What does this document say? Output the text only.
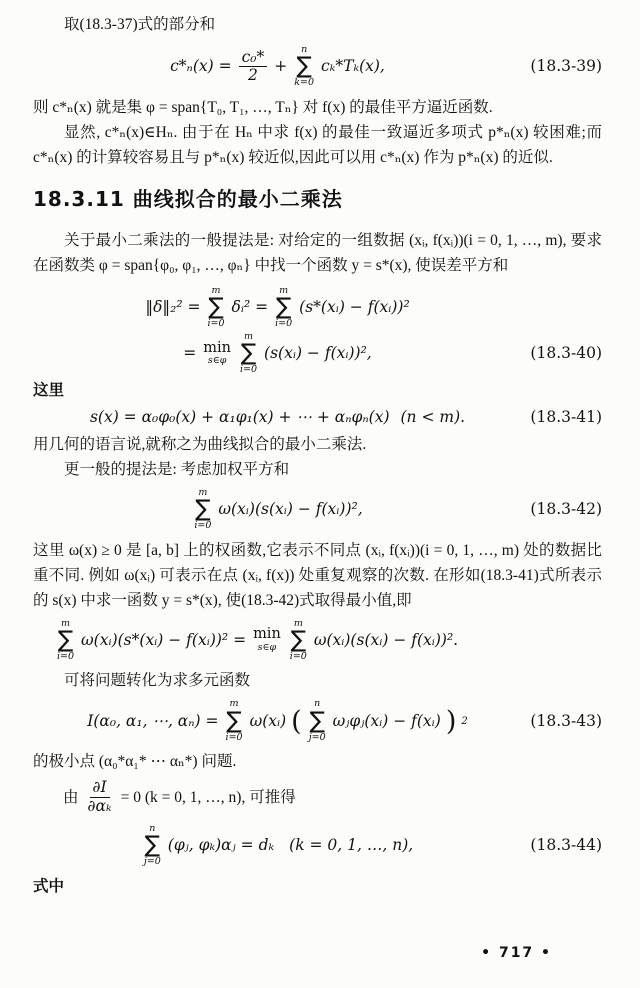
取(18.3-37)式的部分和

$c*_n(x) = \frac{\text{c₀*}}{2}$ +
n
∑
k=0
cₖ*Tₖ(x),	(18.3-39)

则 c*ₙ(x) 就是集 φ = span{T₀, T₁, …, Tₙ} 对 f(x) 的最佳平方逼近函数.

显然, c*ₙ(x)∈Hₙ. 由于在 Hₙ 中求 f(x) 的最佳一致逼近多项式 p*ₙ(x) 较困难;而 c*ₙ(x) 的计算较容易且与 p*ₙ(x) 较近似,因此可以用 c*ₙ(x) 作为 p*ₙ(x) 的近似.

18.3.11 曲线拟合的最小二乘法

关于最小二乘法的一般提法是: 对给定的一组数据 (xᵢ, f(xᵢ))(i = 0, 1, …, m), 要求在函数类 φ = span{φ₀, φ₁, …, φₙ} 中找一个函数 y = s*(x), 使误差平方和

‖δ‖₂² =
m
∑
i=0
δᵢ² =
m
∑
i=0
(s*(xᵢ) − f(xᵢ))²
= min
s∈φ
m
∑
i=0
(s(xᵢ) − f(xᵢ))²,	(18.3-40)

这里

s(x) = α₀φ₀(x) + α₁φ₁(x) + ⋯ + αₙφₙ(x) (n < m).	(18.3-41)

用几何的语言说,就称之为曲线拟合的最小二乘法.

更一般的提法是: 考虑加权平方和

m
∑
i=0
ω(xᵢ)(s(xᵢ) − f(xᵢ))²,	(18.3-42)

这里 ω(x) ≥ 0 是 [a, b] 上的权函数,它表示不同点 (xᵢ, f(xᵢ))(i = 0, 1, …, m) 处的数据比重不同. 例如 ω(xᵢ) 可表示在点 (xᵢ, f(x)) 处重复观察的次数. 在形如(18.3-41)式所表示的 s(x) 中求一函数 y = s*(x), 使(18.3-42)式取得最小值,即

m
∑
i=0
ω(xᵢ)(s*(xᵢ) − f(xᵢ))² = min
s∈φ
m
∑
i=0
ω(xᵢ)(s(xᵢ) − f(xᵢ))².

可将问题转化为求多元函数

I(α₀, α₁, ⋯, αₙ) =
m
∑
i=0
ω(xᵢ) (
n
∑
j=0
ωⱼφⱼ(xᵢ) − f(xᵢ) ) 2	(18.3-43)

的极小点 (α₀*α₁* ⋯ αₙ*) 问题.

由 $\frac{\partial I}{\text{∂αₖ}} = 0$ (k = 0, 1, …, n), 可推得
n
∑
j=0
(φⱼ, φₖ)αⱼ = dₖ (k = 0, 1, …, n),	(18.3-44)

式中

• 717 •
